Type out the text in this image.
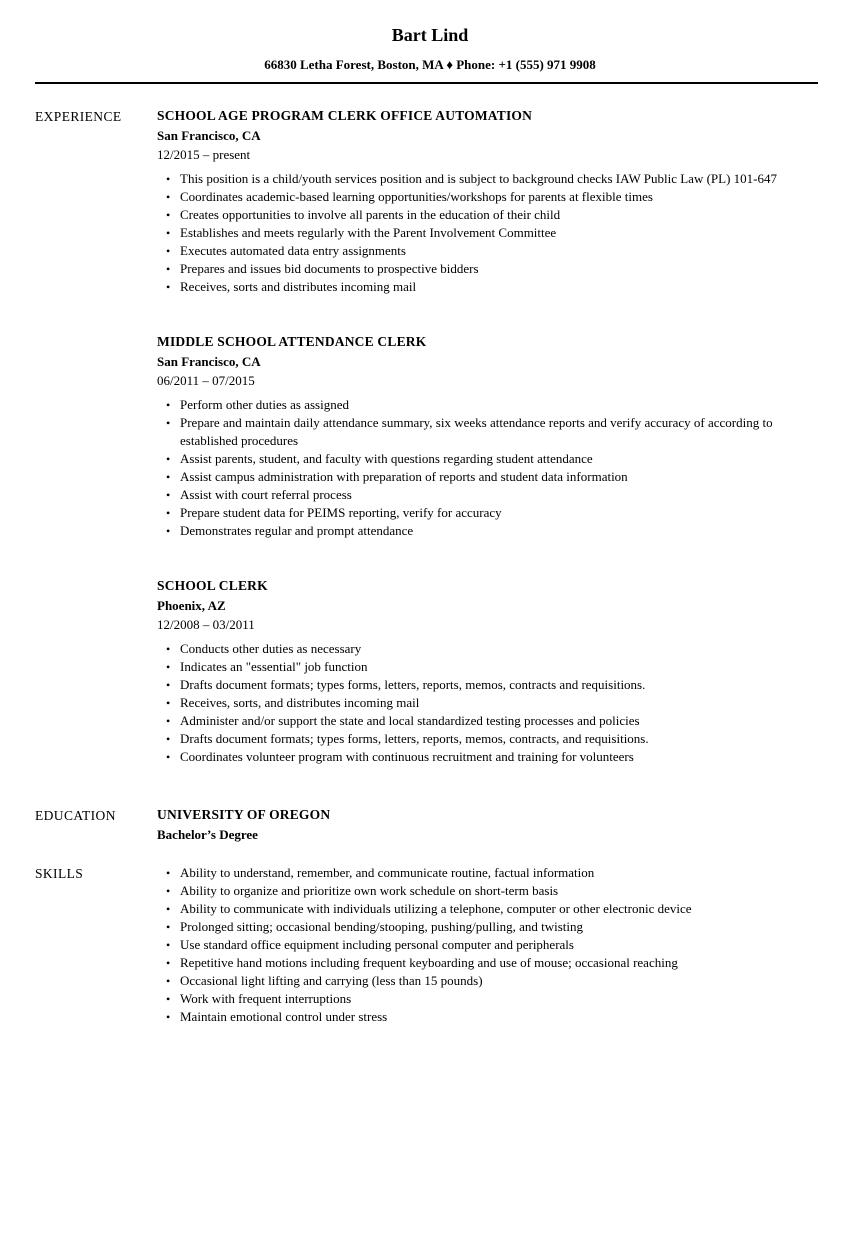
Bart Lind
66830 Letha Forest, Boston, MA ♦ Phone: +1 (555) 971 9908
EXPERIENCE	SCHOOL AGE PROGRAM CLERK OFFICE AUTOMATION
San Francisco, CA
12/2015 – present
• This position is a child/youth services position and is subject to background checks IAW Public Law (PL) 101-647
• Coordinates academic-based learning opportunities/workshops for parents at flexible times
• Creates opportunities to involve all parents in the education of their child
• Establishes and meets regularly with the Parent Involvement Committee
• Executes automated data entry assignments
• Prepares and issues bid documents to prospective bidders
• Receives, sorts and distributes incoming mail
MIDDLE SCHOOL ATTENDANCE CLERK
San Francisco, CA
06/2011 – 07/2015
• Perform other duties as assigned
• Prepare and maintain daily attendance summary, six weeks attendance reports and verify accuracy of according to established procedures
• Assist parents, student, and faculty with questions regarding student attendance
• Assist campus administration with preparation of reports and student data information
• Assist with court referral process
• Prepare student data for PEIMS reporting, verify for accuracy
• Demonstrates regular and prompt attendance
SCHOOL CLERK
Phoenix, AZ
12/2008 – 03/2011
• Conducts other duties as necessary
• Indicates an "essential" job function
• Drafts document formats; types forms, letters, reports, memos, contracts and requisitions.
• Receives, sorts, and distributes incoming mail
• Administer and/or support the state and local standardized testing processes and policies
• Drafts document formats; types forms, letters, reports, memos, contracts, and requisitions.
• Coordinates volunteer program with continuous recruitment and training for volunteers
EDUCATION	UNIVERSITY OF OREGON
Bachelor’s Degree
SKILLS	• Ability to understand, remember, and communicate routine, factual information
• Ability to organize and prioritize own work schedule on short-term basis
• Ability to communicate with individuals utilizing a telephone, computer or other electronic device
• Prolonged sitting; occasional bending/stooping, pushing/pulling, and twisting
• Use standard office equipment including personal computer and peripherals
• Repetitive hand motions including frequent keyboarding and use of mouse; occasional reaching
• Occasional light lifting and carrying (less than 15 pounds)
• Work with frequent interruptions
• Maintain emotional control under stress
